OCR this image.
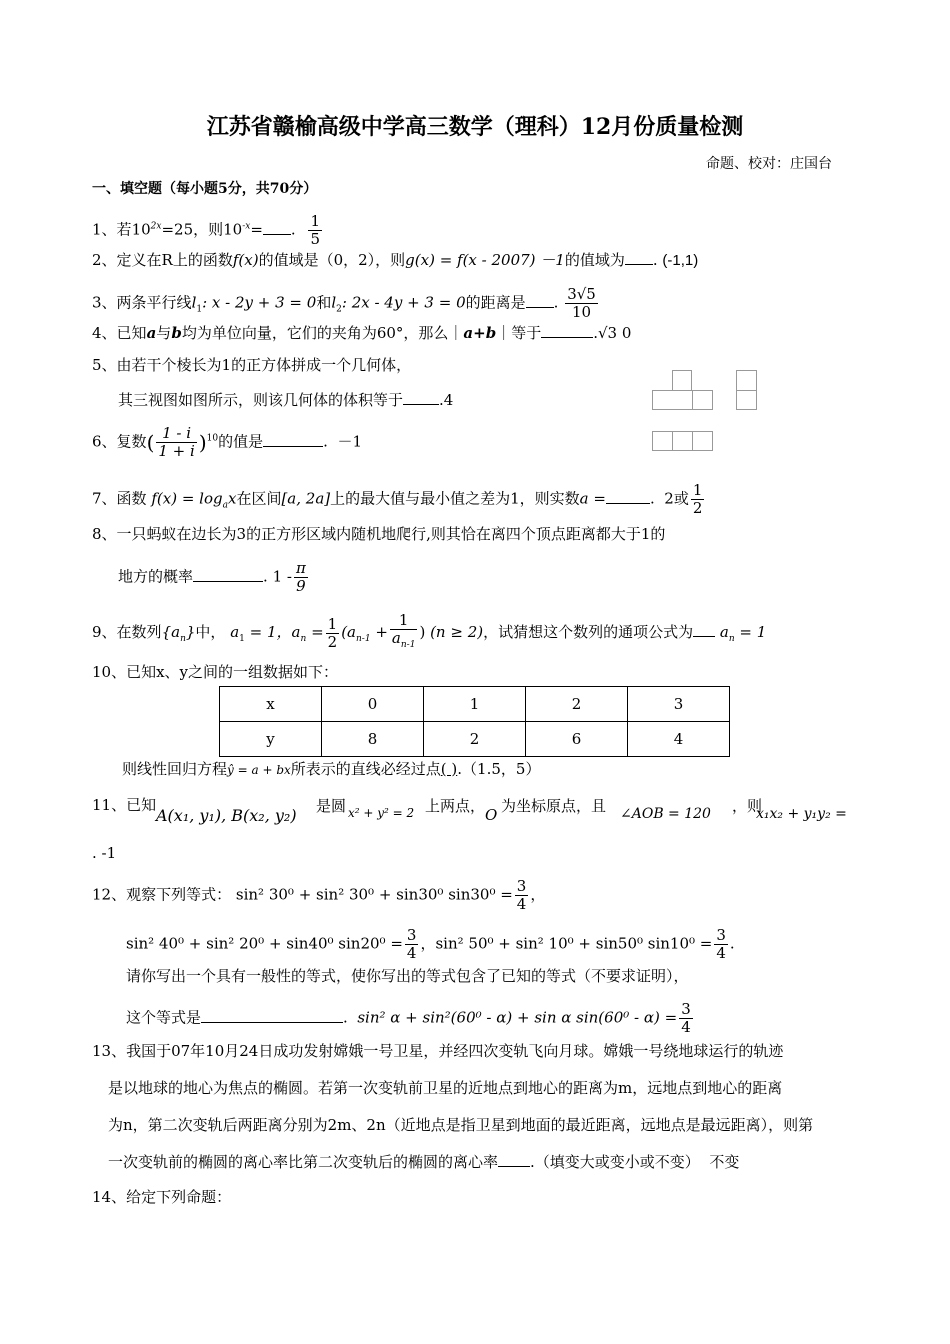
江苏省赣榆高级中学高三数学（理科）12月份质量检测
命题、校对：庄国台
一、填空题（每小题5分，共70分）
1、若$10^{2x}=25$，则$10^{-x}=$ . $\frac{1}{5}$
2、定义在R上的函数f(x)的值域是（0，2），则g(x) = f(x - 2007) －1的值域为 . (-1,1)
3、两条平行线$l_1$: x - 2y + 3 = 0和$l_2$: 2x - 4y + 3 = 0的距离是 . $\frac{3√5}{10}$
4、已知a与b均为单位向量，它们的夹角为60°，那么｜a+b｜等于	.√3 0
5、由若干个棱长为1的正方体拼成一个几何体，
其三视图如图所示，则该几何体的体积等于 .4
6、复数( $\frac{1 - i}{1 + i} )^{10}$的值是	. －1
7、函数 $f(x) = \log_ax$在区间[a, 2a]上的最大值与最小值之差为1，则实数a =	. 2或 $\frac{1}{2}$
8、一只蚂蚁在边长为3的正方形区域内随机地爬行,则其恰在离四个顶点距离都大于1的
地方的概率	. $1 - \frac{\pi}{9}$
9、在数列$\{a_n\}$中， $a_1 = 1$，$a_n = \frac{1}{2} (a_{n-1} + \frac{1}{a_{n-1}}$ ) (n ≥ 2)，试猜想这个数列的通项公式为 $a_n = 1$
10、已知x、y之间的一组数据如下：
x	0	1	2	3
y	8	2	6	4
则线性回归方程ŷ = a + bx所表示的直线必经过点( ).（1.5，5）
11、已知
A(x₁, y₁), B(x₂, y₂) 是圆 x² + y² = 2 上两点， O 为坐标原点，且 ∠AOB = 120 ，则
x₁x₂ + y₁y₂ =
. -1
12、观察下列等式： sin² 30⁰ + sin² 30⁰ + sin30⁰ $\sin 30^0 = \frac{3}{4}$ ，
sin² 40⁰ + sin² 20⁰ + sin40⁰ $\sin 20^0 = \frac{3}{4}$ ，sin² 50⁰ + sin² 10⁰ + sin50⁰ $\sin 10^0 = \frac{3}{4}$ .
请你写出一个具有一般性的等式，使你写出的等式包含了已知的等式（不要求证明），
这个等式是	. sin² α + sin²(60⁰ - α) + sin α $\sin(60^0 - \alpha) = \frac{3}{4}$
13、我国于07年10月24日成功发射嫦娥一号卫星，并经四次变轨飞向月球。嫦娥一号绕地球运行的轨迹
是以地球的地心为焦点的椭圆。若第一次变轨前卫星的近地点到地心的距离为m，远地点到地心的距离
为n，第二次变轨后两距离分别为2m、2n（近地点是指卫星到地面的最近距离，远地点是最远距离），则第
一次变轨前的椭圆的离心率比第二次变轨后的椭圆的离心率 .（填变大或变小或不变） 不变
14、给定下列命题：
